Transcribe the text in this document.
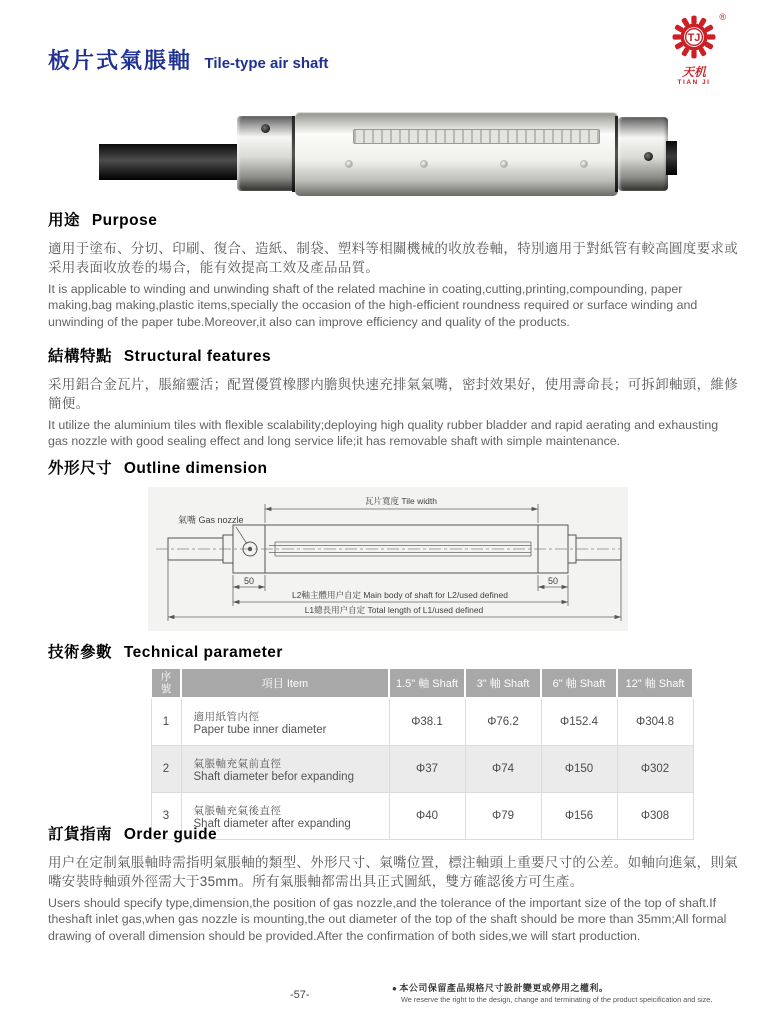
板片式氣脹軸 Tile-type air shaft
®
TJ
天机
TIAN JI
用途 Purpose
適用于塗布、分切、印刷、復合、造紙、制袋、塑料等相關機械的收放卷軸，特別適用于對紙管有較高圓度要求或采用表面收放卷的場合，能有效提高工效及產品品質。
It is applicable to winding and unwinding shaft of the related machine in coating,cutting,printing,compounding, paper making,bag making,plastic items,specially the occasion of the high-efficient roundness required or surface winding and unwinding of the paper tube.Moreover,it also can improve efficiency and quality of the products.
結構特點 Structural features
采用鋁合金瓦片，脹縮靈活；配置優質橡膠内膽與快速充排氣氣嘴，密封效果好，使用壽命長；可拆卸軸頭，維修簡便。
It utilize the aluminium tiles with flexible scalability;deploying high quality rubber bladder and rapid aerating and exhausting gas nozzle with good sealing effect and long service life;it has removable shaft with simple maintenance.
外形尺寸 Outline dimension
氣嘴 Gas nozzle
瓦片寬度 Tile width
50	50
L2軸主體用户自定 Main body of shaft for L2/used defined
L1總長用户自定 Total length of L1/used defined
技術參數 Technical parameter
序號	項目 Item	1.5" 軸 Shaft	3" 軸 Shaft	6" 軸 Shaft	12" 軸 Shaft
1	適用紙管内徑
Paper tube inner diameter	Φ38.1	Φ76.2	Φ152.4	Φ304.8
2	氣脹軸充氣前直徑
Shaft diameter befor expanding	Φ37	Φ74	Φ150	Φ302
3	氣脹軸充氣後直徑
Shaft diameter after expanding	Φ40	Φ79	Φ156	Φ308
訂貨指南 Order guide
用户在定制氣脹軸時需指明氣脹軸的類型、外形尺寸、氣嘴位置，標注軸頭上重要尺寸的公差。如軸向進氣，則氣嘴安裝時軸頭外徑需大于35mm。所有氣脹軸都需出具正式圖紙，雙方確認後方可生產。
Users should specify type,dimension,the position of gas nozzle,and the tolerance of the important size of the top of shaft.If theshaft inlet gas,when gas nozzle is mounting,the out diameter of the top of the shaft should be more than 35mm;All formal drawing of overall dimension should be provided.After the confirmation of both sides,we will start production.
-57-
● 本公司保留產品規格尺寸設計變更或停用之權利。
We reserve the right to the design, change and terminating of the product speicification and size.
